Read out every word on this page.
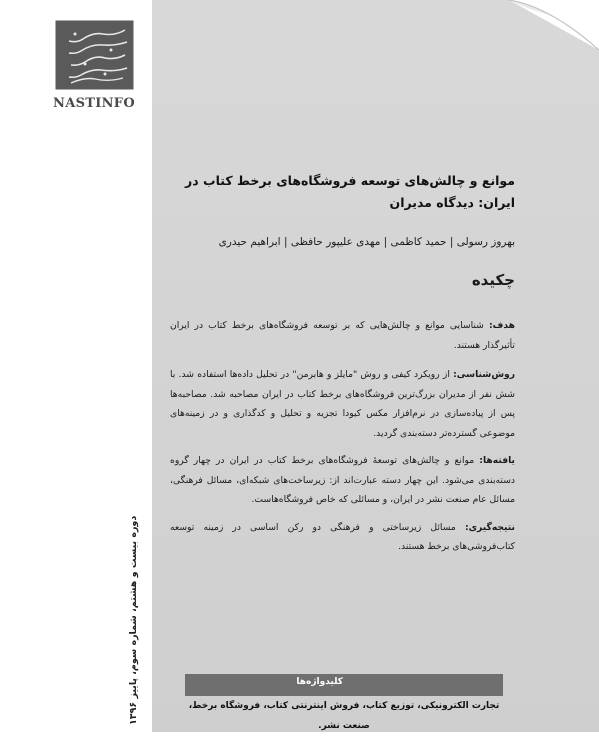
NASTINFO
دوره بیست و هشتم، شماره سوم، پاییز ۱۳۹۶
موانع و چالش‌های توسعه فروشگاه‌های برخط کتاب در ایران: دیدگاه مدیران
بهروز رسولی | حمید کاظمی | مهدی علیپور حافظی | ابراهیم حیدری
چکیده

هدف: شناسایی موانع و چالش‌هایی که بر توسعه فروشگاه‌های برخط کتاب در ایران تأثیرگذار هستند.

روش‌شناسی: از رویکرد کیفی و روش "مایلز و هابرمن" در تحلیل داده‌ها استفاده شد. با شش نفر از مدیران بزرگ‌ترین فروشگاه‌های برخط کتاب در ایران مصاحبه شد. مصاحبه‌ها پس از پیاده‌سازی در نرم‌افزار مکس کیودا تجزیه و تحلیل و کدگذاری و در زمینه‌های موضوعی گسترده‌تر دسته‌بندی گردید.

یافته‌ها: موانع و چالش‌های توسعهٔ فروشگاه‌های برخط کتاب در ایران در چهار گروه دسته‌بندی می‌شود. این چهار دسته عبارت‌اند از: زیرساخت‌های شبکه‌ای، مسائل فرهنگی، مسائل عام صنعت نشر در ایران، و مسائلی که خاص فروشگاه‌هاست.

نتیجه‌گیری: مسائل زیرساختی و فرهنگی دو رکن اساسی در زمینه توسعه کتاب‌فروشی‌های برخط هستند.

کلیدواژه‌ها
تجارت الکترونیکی، توزیع کتاب، فروش اینترنتی کتاب، فروشگاه برخط، صنعت نشر.
